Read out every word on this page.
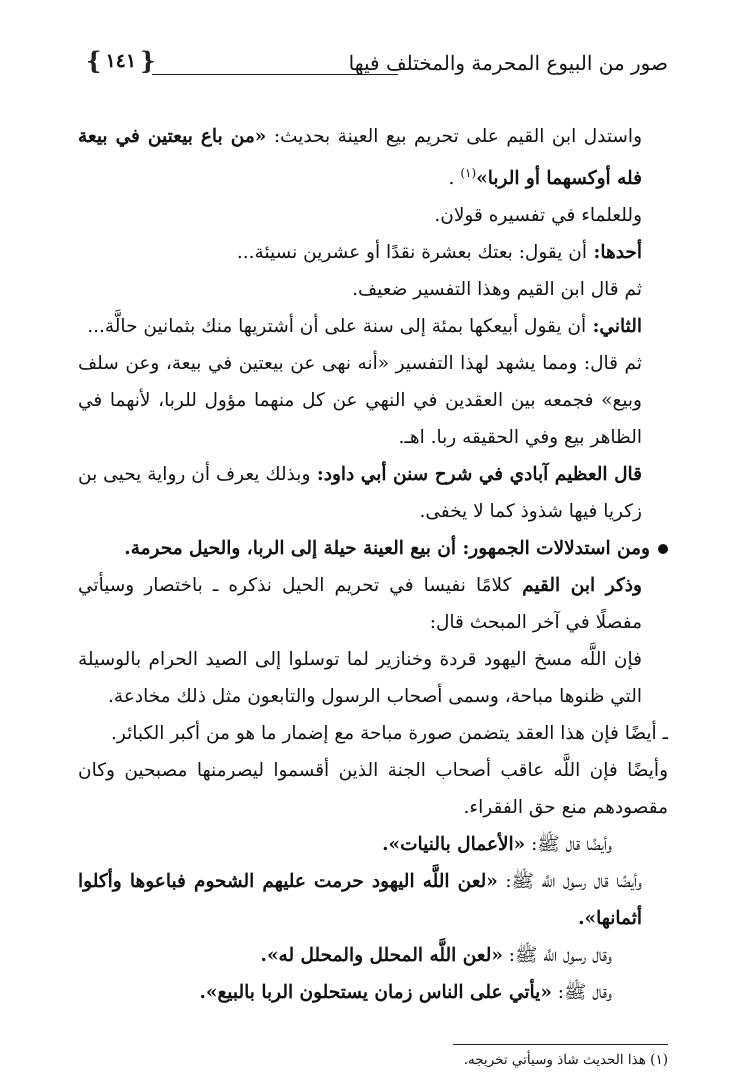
صور من البيوع المحرمة والمختلف فيها
{ ١٤١ }

واستدل ابن القيم على تحريم بيع العينة بحديث: «من باع بيعتين في بيعة فله أوكسهما أو الربا»$^{(١)}$ .

وللعلماء في تفسيره قولان.

أحدها: أن يقول: بعتك بعشرة نقدًا أو عشرين نسيئة...

ثم قال ابن القيم وهذا التفسير ضعيف.

الثاني: أن يقول أبيعكها بمئة إلى سنة على أن أشتريها منك بثمانين حالَّة...

ثم قال: ومما يشهد لهذا التفسير «أنه نهى عن بيعتين في بيعة، وعن سلف وبيع» فجمعه بين العقدين في النهي عن كل منهما مؤول للربا، لأنهما في الظاهر بيع وفي الحقيقه ربا. اهـ.

قال العظيم آبادي في شرح سنن أبي داود: وبذلك يعرف أن رواية يحيى بن زكريا فيها شذوذ كما لا يخفى.

ومن استدلالات الجمهور: أن بيع العينة حيلة إلى الربا، والحيل محرمة.

وذكر ابن القيم كلامًا نفيسا في تحريم الحيل نذكره ـ باختصار وسيأتي مفصلًا في آخر المبحث قال:

فإن اللَّه مسخ اليهود قردة وخنازير لما توسلوا إلى الصيد الحرام بالوسيلة التي ظنوها مباحة، وسمى أصحاب الرسول والتابعون مثل ذلك مخادعة.

ـ أيضًا فإن هذا العقد يتضمن صورة مباحة مع إضمار ما هو من أكبر الكبائر.

وأيضًا فإن اللَّه عاقب أصحاب الجنة الذين أقسموا ليصرمنها مصبحين وكان مقصودهم منع حق الفقراء.

وأيضًا قال ﷺ: «الأعمال بالنيات».

وأيضًا قال رسول اللَّه ﷺ: «لعن اللَّه اليهود حرمت عليهم الشحوم فباعوها وأكلوا أثمانها».

وقال رسول اللَّه ﷺ: «لعن اللَّه المحلل والمحلل له».

وقال ﷺ: «يأتي على الناس زمان يستحلون الربا بالبيع».

(١) هذا الحديث شاذ وسيأتي تخريجه.
